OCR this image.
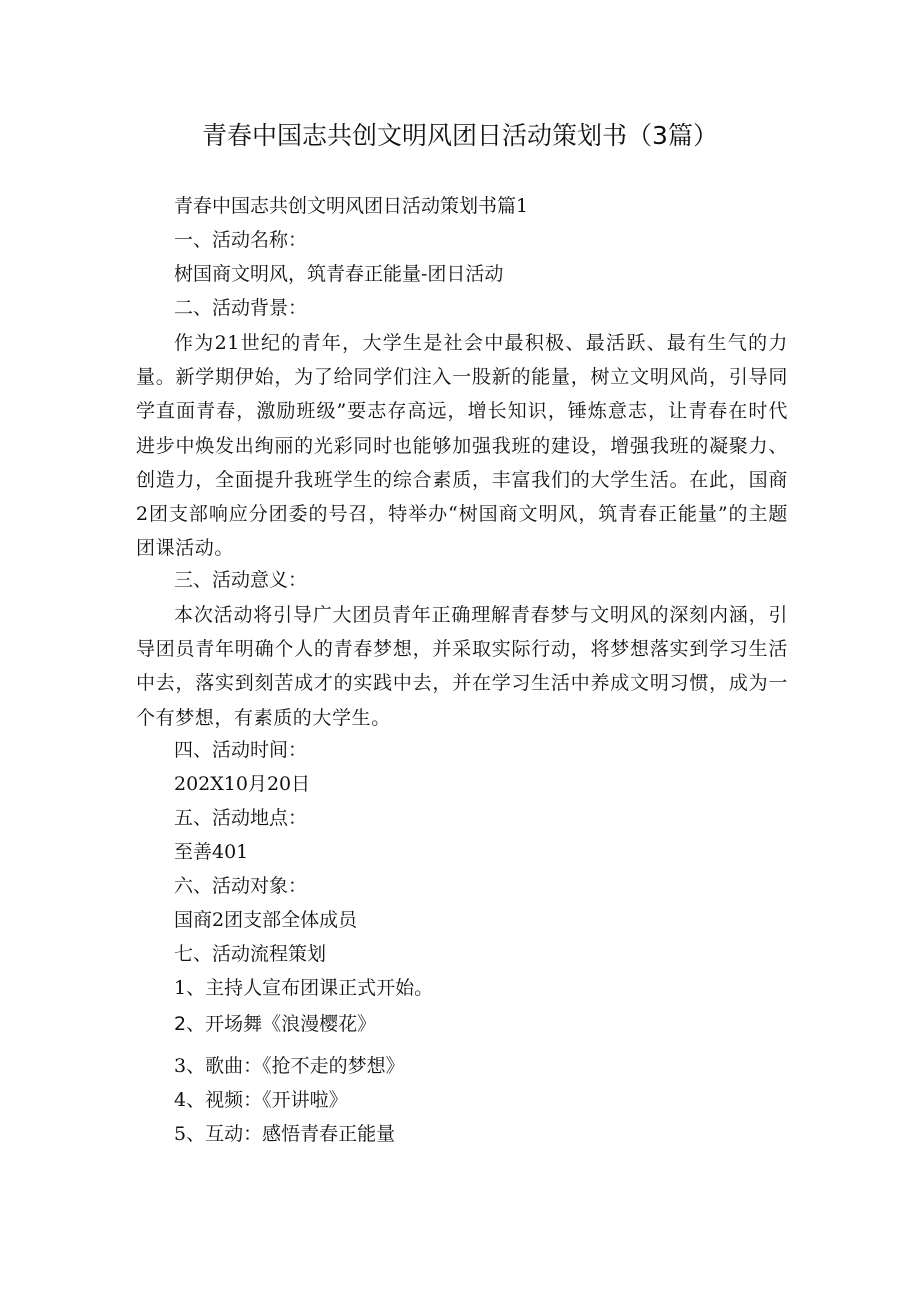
青春中国志共创文明风团日活动策划书（3篇）
青春中国志共创文明风团日活动策划书篇1
一、活动名称：
树国商文明风，筑青春正能量-团日活动
二、活动背景：

作为21世纪的青年，大学生是社会中最积极、最活跃、最有生气的力量。新学期伊始，为了给同学们注入一股新的能量，树立文明风尚，引导同学直面青春，激励班级”要志存高远，增长知识，锤炼意志，让青春在时代进步中焕发出绚丽的光彩同时也能够加强我班的建设，增强我班的凝聚力、创造力，全面提升我班学生的综合素质，丰富我们的大学生活。在此，国商2团支部响应分团委的号召，特举办“树国商文明风，筑青春正能量”的主题团课活动。

三、活动意义：

本次活动将引导广大团员青年正确理解青春梦与文明风的深刻内涵，引导团员青年明确个人的青春梦想，并采取实际行动，将梦想落实到学习生活中去，落实到刻苦成才的实践中去，并在学习生活中养成文明习惯，成为一个有梦想，有素质的大学生。

四、活动时间：
202X10月20日
五、活动地点：
至善401
六、活动对象：
国商2团支部全体成员
七、活动流程策划
1、主持人宣布团课正式开始。
2、开场舞《浪漫樱花》
3、歌曲：《抢不走的梦想》
4、视频：《开讲啦》
5、互动：感悟青春正能量
